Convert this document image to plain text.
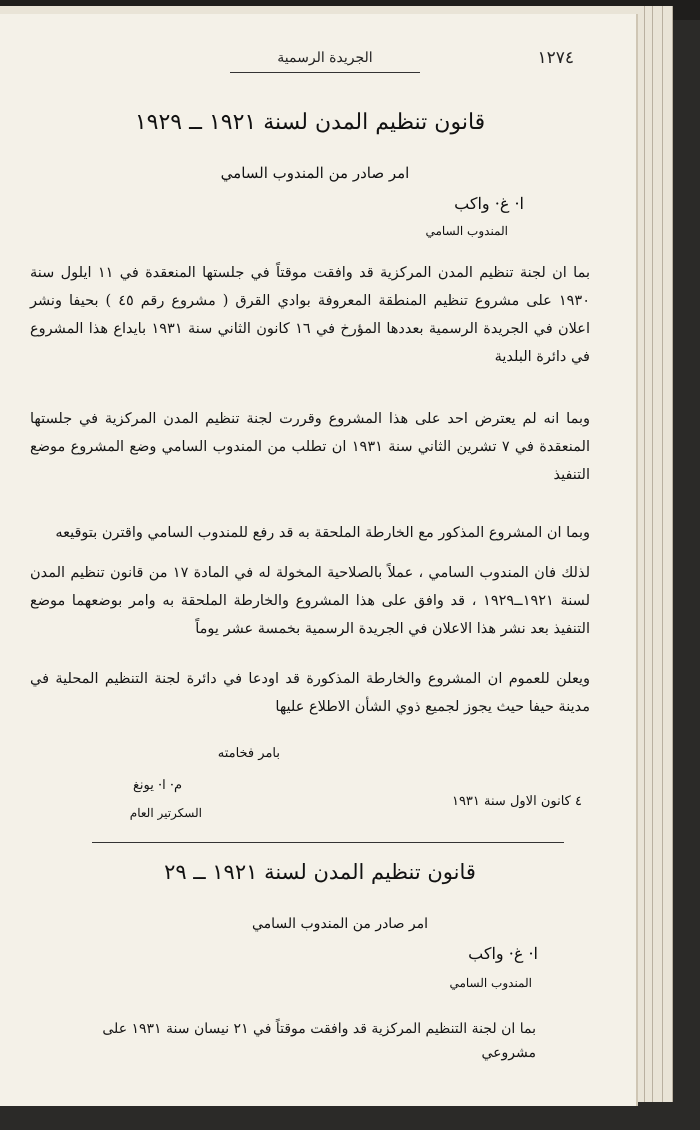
١٢٧٤
الجريدة الرسمية
قانون تنظيم المدن لسنة ١٩٢١ ــ ١٩٢٩
امر صادر من المندوب السامي
ا· غ· واكب
المندوب السامي
بما ان لجنة تنظيم المدن المركزية قد وافقت موقتاً في جلستها المنعقدة في ١١ ايلول سنة ١٩٣٠ على مشروع تنظيم المنطقة المعروفة بوادي القرق ( مشروع رقم ٤٥ ) بحيفا ونشر اعلان في الجريدة الرسمية بعددها المؤرخ في ١٦ كانون الثاني سنة ١٩٣١ بايداع هذا المشروع في دائرة البلدية
وبما انه لم يعترض احد على هذا المشروع وقررت لجنة تنظيم المدن المركزية في جلستها المنعقدة في ٧ تشرين الثاني سنة ١٩٣١ ان تطلب من المندوب السامي وضع المشروع موضع التنفيذ
وبما ان المشروع المذكور مع الخارطة الملحقة به قد رفع للمندوب السامي واقترن بتوقيعه
لذلك فان المندوب السامي ، عملاً بالصلاحية المخولة له في المادة ١٧ من قانون تنظيم المدن لسنة ١٩٢١ــ١٩٢٩ ، قد وافق على هذا المشروع والخارطة الملحقة به وامر بوضعهما موضع التنفيذ بعد نشر هذا الاعلان في الجريدة الرسمية بخمسة عشر يوماً
ويعلن للعموم ان المشروع والخارطة المذكورة قد اودعا في دائرة لجنة التنظيم المحلية في مدينة حيفا حيث يجوز لجميع ذوي الشأن الاطلاع عليها
بامر فخامته
م· ا· يونغ
السكرتير العام
٤ كانون الاول سنة ١٩٣١
قانون تنظيم المدن لسنة ١٩٢١ ــ ٢٩
امر صادر من المندوب السامي
ا· غ· واكب
المندوب السامي
بما ان لجنة التنظيم المركزية قد وافقت موقتاً في ٢١ نيسان سنة ١٩٣١ على مشروعي
